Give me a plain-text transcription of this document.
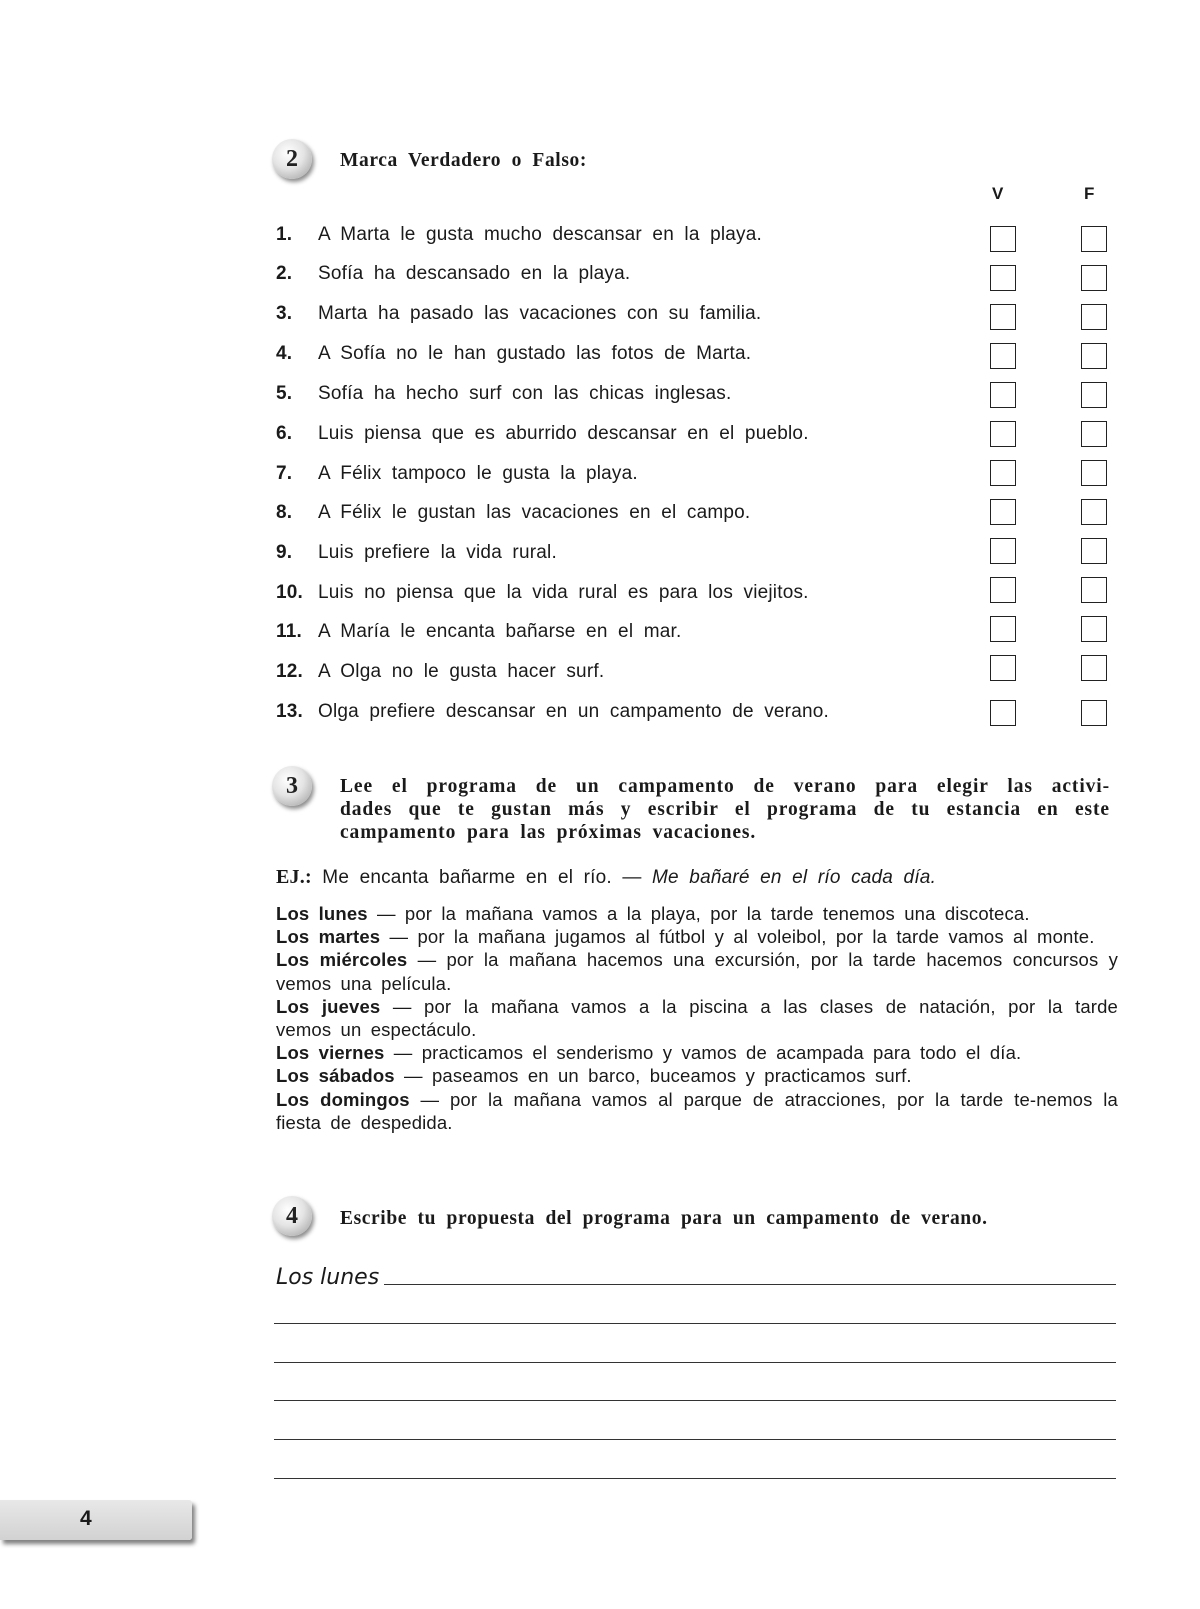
2 Marca Verdadero o Falso:
V	F
1.	A Marta le gusta mucho descansar en la playa.
2.	Sofía ha descansado en la playa.
3.	Marta ha pasado las vacaciones con su familia.
4.	A Sofía no le han gustado las fotos de Marta.
5.	Sofía ha hecho surf con las chicas inglesas.
6.	Luis piensa que es aburrido descansar en el pueblo.
7.	A Félix tampoco le gusta la playa.
8.	A Félix le gustan las vacaciones en el campo.
9.	Luis prefiere la vida rural.
10. Luis no piensa que la vida rural es para los viejitos.
11. A María le encanta bañarse en el mar.
12. A Olga no le gusta hacer surf.
13. Olga prefiere descansar en un campamento de verano.
3 Lee el programa de un campamento de verano para elegir las activi-
dades que te gustan más y escribir el programa de tu estancia en este
campamento para las próximas vacaciones.
EJ.: Me encanta bañarme en el río. — Me bañaré en el río cada día.

Los lunes — por la mañana vamos a la playa, por la tarde tenemos una discoteca.

Los martes — por la mañana jugamos al fútbol y al voleibol, por la tarde vamos al monte.

Los miércoles — por la mañana hacemos una excursión, por la tarde hacemos concursos y vemos una película.

Los jueves — por la mañana vamos a la piscina a las clases de natación, por la tarde vemos un espectáculo.

Los viernes — practicamos el senderismo y vamos de acampada para todo el día.

Los sábados — paseamos en un barco, buceamos y practicamos surf.

Los domingos — por la mañana vamos al parque de atracciones, por la tarde te-nemos la fiesta de despedida.

4 Escribe tu propuesta del programa para un campamento de verano.
Los lunes
4
